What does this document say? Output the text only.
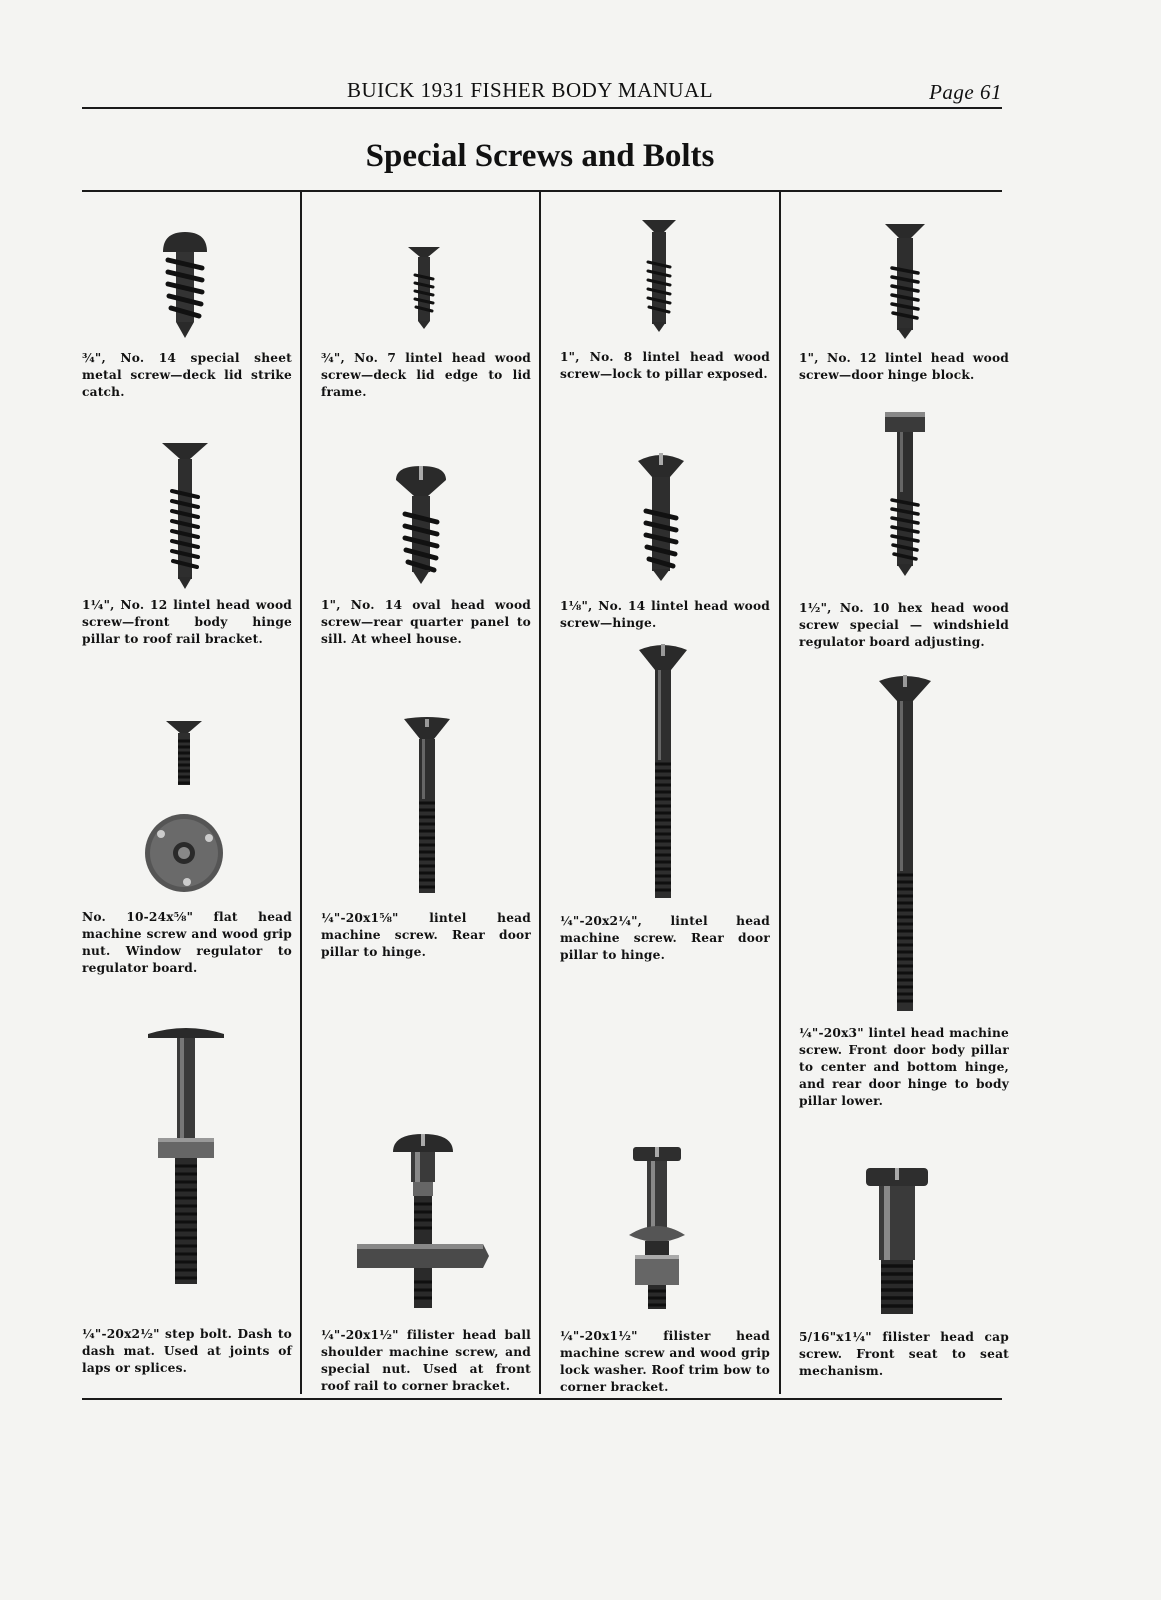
BUICK 1931 FISHER BODY MANUAL	Page 61
Special Screws and Bolts
¾", No. 14 special sheet metal screw—deck lid strike catch.
1¼", No. 12 lintel head wood screw—front body hinge pillar to roof rail bracket.
No. 10-24x⅝" flat head machine screw and wood grip nut. Window regulator to regulator board.
¼"-20x2½" step bolt. Dash to dash mat. Used at joints of laps or splices.
¾", No. 7 lintel head wood screw—deck lid edge to lid frame.
1", No. 14 oval head wood screw—rear quarter panel to sill. At wheel house.
¼"-20x1⅝" lintel head machine screw. Rear door pillar to hinge.
¼"-20x1½" filister head ball shoulder machine screw, and special nut. Used at front roof rail to corner bracket.
1", No. 8 lintel head wood screw—lock to pillar exposed.
1⅛", No. 14 lintel head wood screw—hinge.
¼"-20x2¼", lintel head machine screw. Rear door pillar to hinge.
¼"-20x1½" filister head machine screw and wood grip lock washer. Roof trim bow to corner bracket.
1", No. 12 lintel head wood screw—door hinge block.
1½", No. 10 hex head wood screw special — windshield regulator board adjusting.
¼"-20x3" lintel head machine screw. Front door body pillar to center and bottom hinge, and rear door hinge to body pillar lower.
5/16"x1¼" filister head cap screw. Front seat to seat mechanism.
